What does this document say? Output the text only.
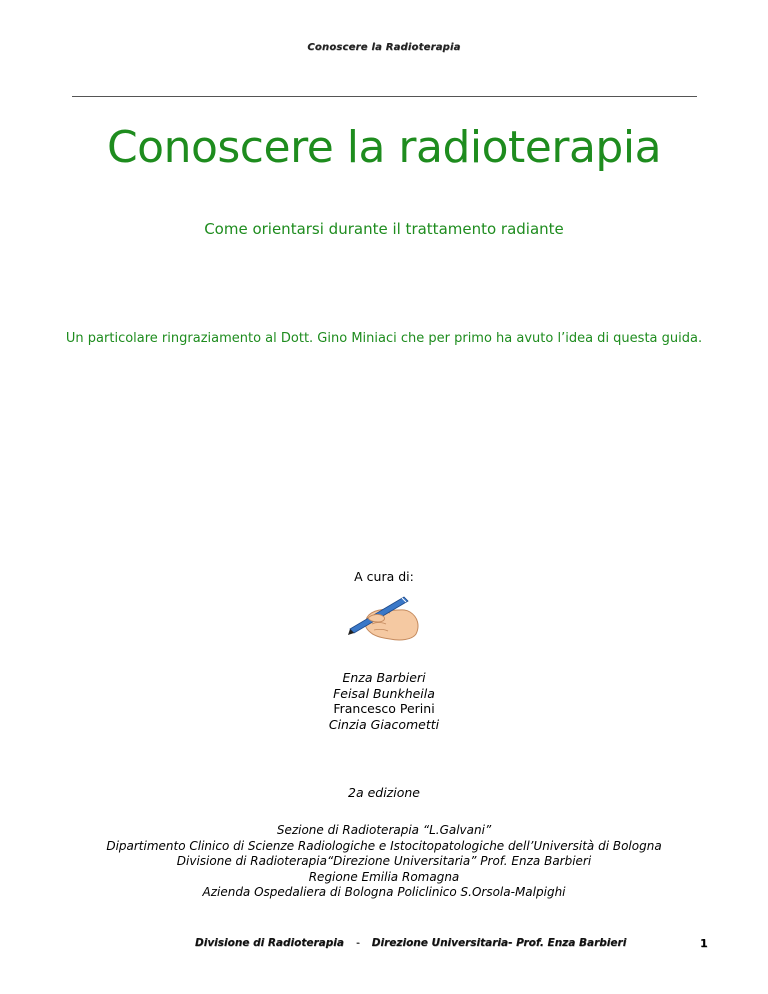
Conoscere la Radioterapia
Conoscere la radioterapia
Come orientarsi durante il trattamento radiante
Un particolare ringraziamento al Dott. Gino Miniaci che per primo ha avuto l’idea di questa guida.
A cura di:
Enza Barbieri
Feisal Bunkheila
Francesco Perini
Cinzia Giacometti
2a edizione
Sezione di Radioterapia “L.Galvani”
Dipartimento Clinico di Scienze Radiologiche e Istocitopatologiche dell’Università di Bologna
Divisione di Radioterapia“Direzione Universitaria” Prof. Enza Barbieri
Regione Emilia Romagna
Azienda Ospedaliera di Bologna Policlinico S.Orsola-Malpighi
Divisione di Radioterapia - Direzione Universitaria- Prof. Enza Barbieri	1
